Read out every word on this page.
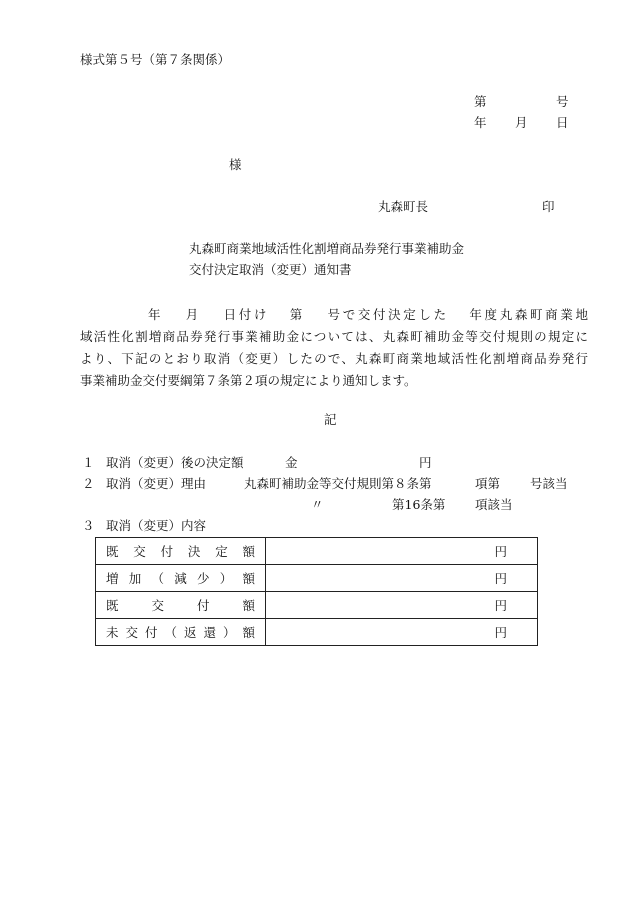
様式第５号（第７条関係）
第	号
年 月 日
様
丸森町長	印
丸森町商業地域活性化割増商品券発行事業補助金
交付決定取消（変更）通知書
年 月 日付け 第 号で交付決定した 年度丸森町商業地
域活性化割増商品券発行事業補助金については、丸森町補助金等交付規則の規定に
より、下記のとおり取消（変更）したので、丸森町商業地域活性化割増商品券発行
事業補助金交付要綱第７条第２項の規定により通知します。
記
１ 取消（変更）後の決定額	金	円
２ 取消（変更）理由	丸森町補助金等交付規則第８条第	項第 号該当
〃	第16条第 項該当
３ 取消（変更）内容
既交付決定額	円
増加（減少）額	円
既交付額	円
未交付（返還）額	円
